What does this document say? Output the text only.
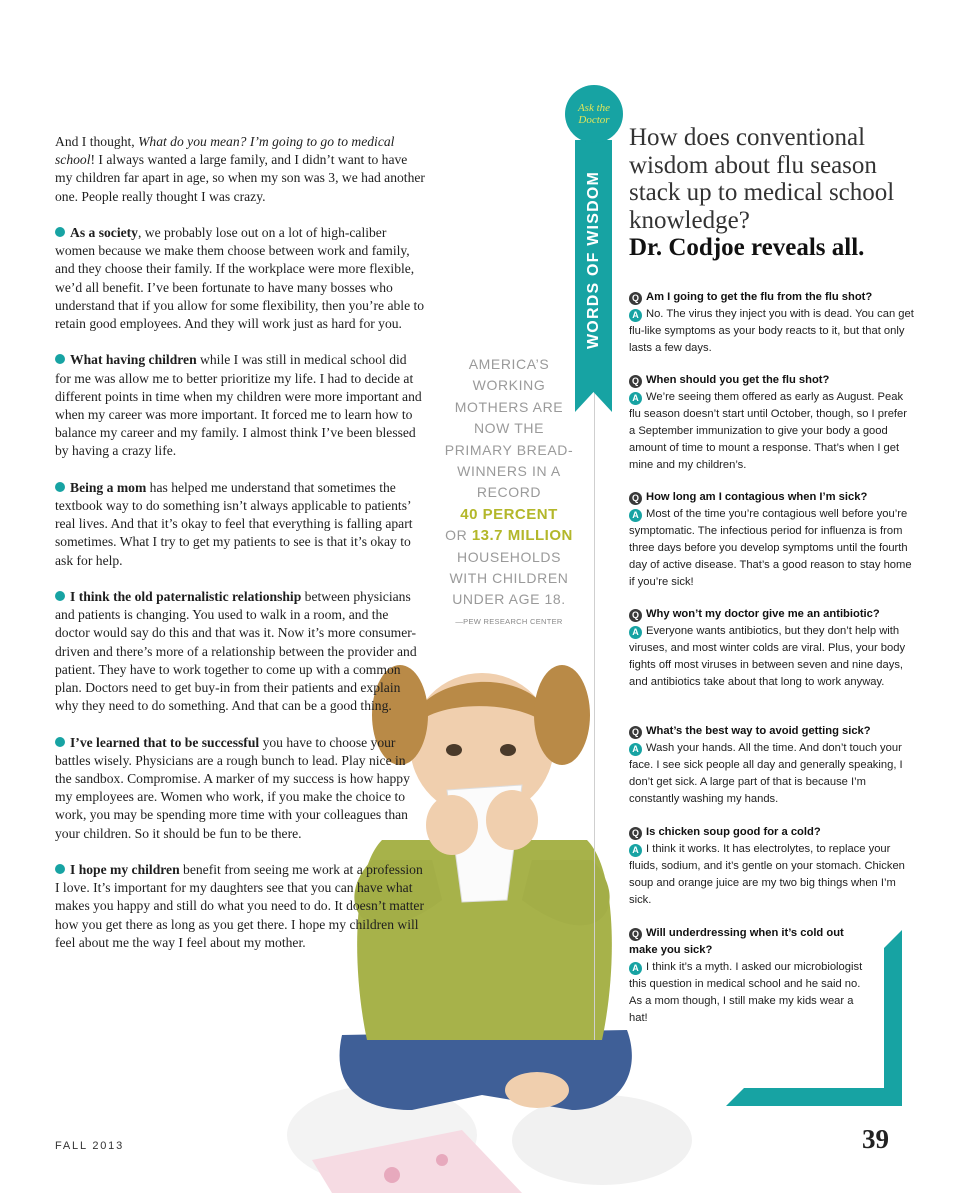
And I thought, What do you mean? I’m going to go to medical school! I always wanted a large family, and I didn’t want to have my children far apart in age, so when my son was 3, we had another one. People really thought I was crazy.

As a society, we probably lose out on a lot of high-caliber women because we make them choose between work and family, and they choose their family. If the workplace were more flexible, we’d all benefit. I’ve been fortunate to have many bosses who understand that if you allow for some flexibility, then you’re able to retain good employees. And they will work just as hard for you.

What having children while I was still in medical school did for me was allow me to better prioritize my life. I had to decide at different points in time when my children were more important and when my career was more important. It forced me to learn how to balance my career and my family. I almost think I’ve been blessed by having a crazy life.

Being a mom has helped me understand that sometimes the textbook way to do something isn’t always applicable to patients’ real lives. And that it’s okay to feel that everything is falling apart sometimes. What I try to get my patients to see is that it’s okay to ask for help.

I think the old paternalistic relationship between physicians and patients is changing. You used to walk in a room, and the doctor would say do this and that was it. Now it’s more consumer-driven and there’s more of a relationship between the provider and patient. They have to work together to come up with a common plan. Doctors need to get buy-in from their patients and explain why they need to do something. And that can be a good thing.

I’ve learned that to be successful you have to choose your battles wisely. Physicians are a rough bunch to lead. Play nice in the sandbox. Compromise. A marker of my success is how happy my employees are. Women who work, if you make the choice to work, you may be spending more time with your colleagues than your children. So it should be fun to be there.

I hope my children benefit from seeing me work at a profession I love. It’s important for my daughters see that you can have what makes you happy and still do what you need to do. It doesn’t matter how you get there as long as you get there. I hope my children will feel about me the way I feel about my mother.

AMERICA’S WORKING MOTHERS ARE NOW THE PRIMARY BREAD-WINNERS IN A RECORD
40 PERCENT
OR 13.7 MILLION
HOUSEHOLDS WITH CHILDREN UNDER AGE 18.
—PEW RESEARCH CENTER
Ask the Doctor
WORDS OF WISDOM
How does conventional wisdom about flu season stack up to medical school knowledge?
Dr. Codjoe reveals all.
Q Am I going to get the flu from the flu shot?
A No. The virus they inject you with is dead. You can get flu-like symptoms as your body reacts to it, but that only lasts a few days.
Q When should you get the flu shot?
A We’re seeing them offered as early as August. Peak flu season doesn’t start until October, though, so I prefer a September immunization to give your body a good amount of time to mount a response. That’s when I get mine and my children’s.
Q How long am I contagious when I’m sick?
A Most of the time you’re contagious well before you’re symptomatic. The infectious period for influenza is from three days before you develop symptoms until the fourth day of active disease. That’s a good reason to stay home if you’re sick!
Q Why won’t my doctor give me an antibiotic?
A Everyone wants antibiotics, but they don’t help with viruses, and most winter colds are viral. Plus, your body fights off most viruses in between seven and nine days, and antibiotics take about that long to work anyway.
Q What’s the best way to avoid getting sick?
A Wash your hands. All the time. And don’t touch your face. I see sick people all day and generally speaking, I don’t get sick. A large part of that is because I’m constantly washing my hands.
Q Is chicken soup good for a cold?
A I think it works. It has electrolytes, to replace your fluids, sodium, and it’s gentle on your stomach. Chicken soup and orange juice are my two big things when I’m sick.
Q Will underdressing when it’s cold out make you sick?
A I think it’s a myth. I asked our microbiologist this question in medical school and he said no. As a mom though, I still make my kids wear a hat!
FALL 2013	39
